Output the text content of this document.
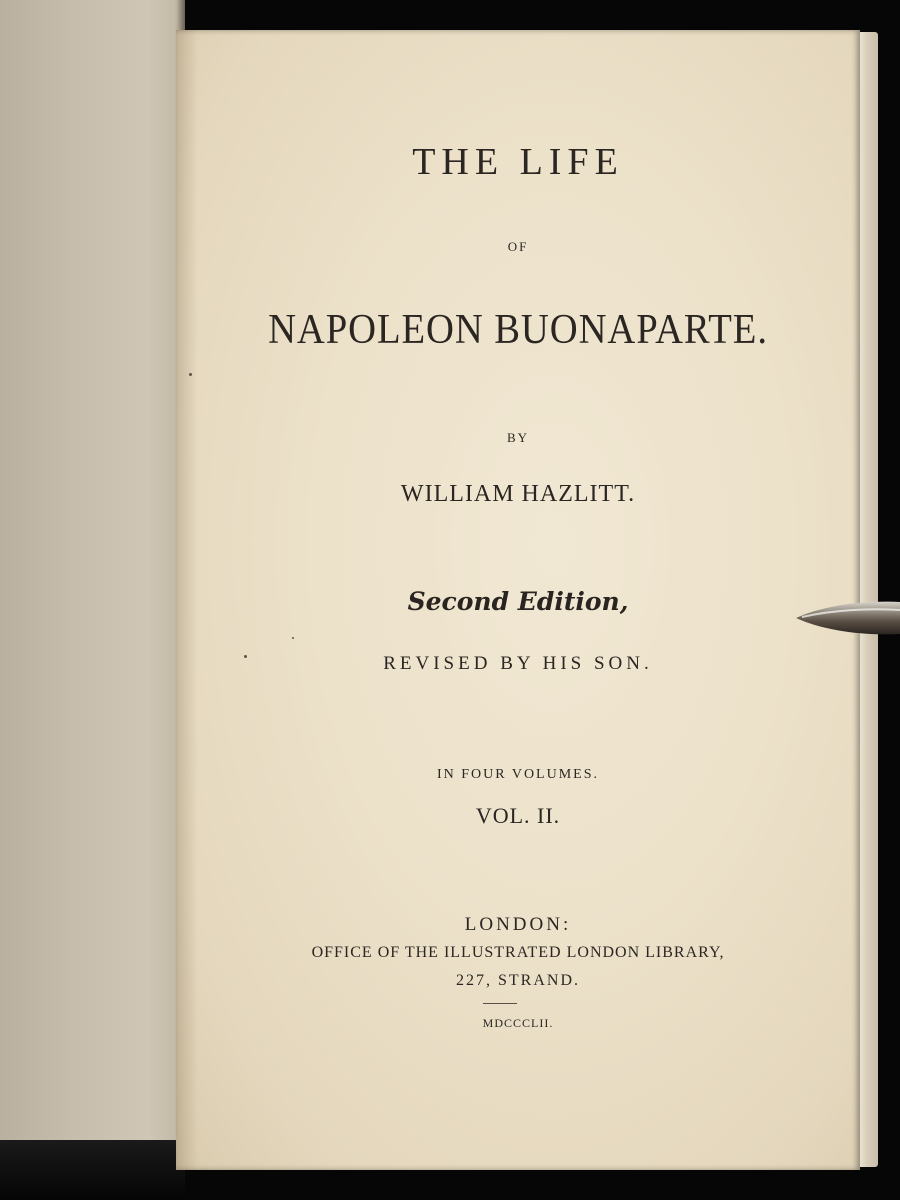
THE LIFE
OF
NAPOLEON BUONAPARTE.
BY
WILLIAM HAZLITT.
Second Edition,
REVISED BY HIS SON.
IN FOUR VOLUMES.
VOL. II.
LONDON:
OFFICE OF THE ILLUSTRATED LONDON LIBRARY,
227, STRAND.
MDCCCLII.
